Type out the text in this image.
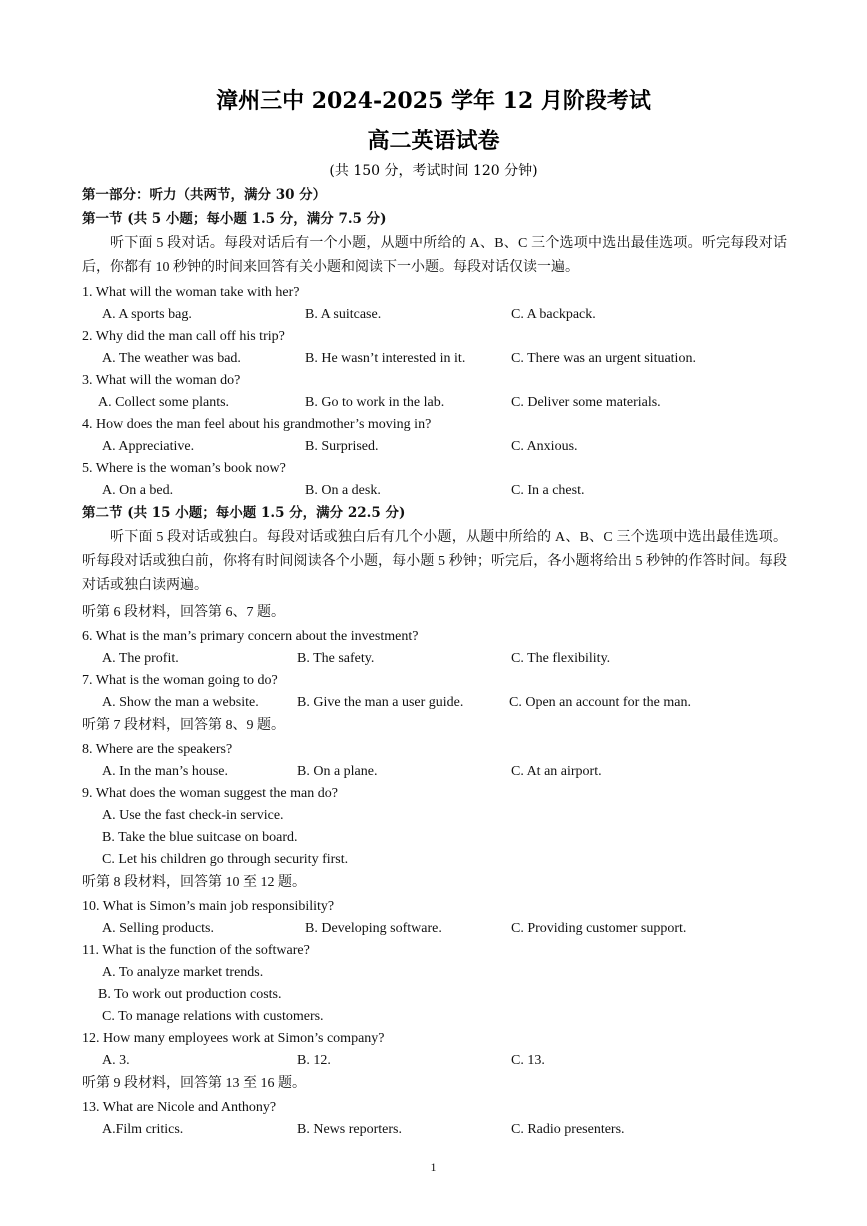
漳州三中 2024-2025 学年 12 月阶段考试
高二英语试卷
(共 150 分，考试时间 120 分钟)
第一部分：听力（共两节，满分 30 分）
第一节 (共 5 小题；每小题 1.5 分，满分 7.5 分)
听下面 5 段对话。每段对话后有一个小题，从题中所给的 A、B、C 三个选项中选出最佳选项。听完每段对话后，你都有 10 秒钟的时间来回答有关小题和阅读下一小题。每段对话仅读一遍。
1. What will the woman take with her?
A. A sports bag.	B. A suitcase.	C. A backpack.
2. Why did the man call off his trip?
A. The weather was bad.	B. He wasn’t interested in it.	C. There was an urgent situation.
3. What will the woman do?
A. Collect some plants.	B. Go to work in the lab.	C. Deliver some materials.
4. How does the man feel about his grandmother’s moving in?
A. Appreciative.	B. Surprised.	C. Anxious.
5. Where is the woman’s book now?
A. On a bed.	B. On a desk.	C. In a chest.
第二节 (共 15 小题；每小题 1.5 分，满分 22.5 分)
听下面 5 段对话或独白。每段对话或独白后有几个小题，从题中所给的 A、B、C 三个选项中选出最佳选项。听每段对话或独白前，你将有时间阅读各个小题，每小题 5 秒钟；听完后，各小题将给出 5 秒钟的作答时间。每段对话或独白读两遍。
听第 6 段材料，回答第 6、7 题。
6. What is the man’s primary concern about the investment?
A. The profit.	B. The safety.	C. The flexibility.
7. What is the woman going to do?
A. Show the man a website.	B. Give the man a user guide.	C. Open an account for the man.
听第 7 段材料，回答第 8、9 题。
8. Where are the speakers?
A. In the man’s house.	B. On a plane.	C. At an airport.
9. What does the woman suggest the man do?
A. Use the fast check-in service.
B. Take the blue suitcase on board.
C. Let his children go through security first.
听第 8 段材料，回答第 10 至 12 题。
10. What is Simon’s main job responsibility?
A. Selling products.	B. Developing software.	C. Providing customer support.
11. What is the function of the software?
A. To analyze market trends.
B. To work out production costs.
C. To manage relations with customers.
12. How many employees work at Simon’s company?
A. 3.	B. 12.	C. 13.
听第 9 段材料，回答第 13 至 16 题。
13. What are Nicole and Anthony?
A.Film critics.	B. News reporters.	C. Radio presenters.
1
